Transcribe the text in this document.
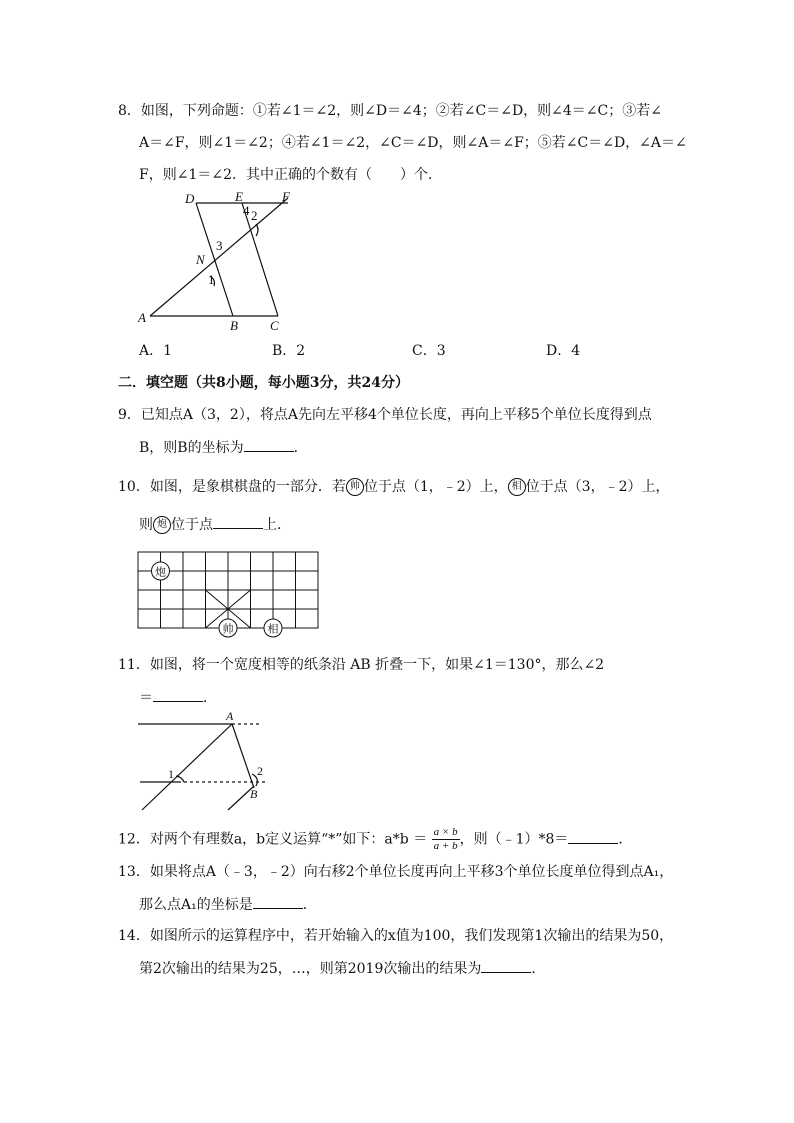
8．如图，下列命题：①若∠1＝∠2，则∠D＝∠4；②若∠C＝∠D，则∠4＝∠C；③若∠
A＝∠F，则∠1＝∠2；④若∠1＝∠2，∠C＝∠D，则∠A＝∠F；⑤若∠C＝∠D，∠A＝∠
F，则∠1＝∠2．其中正确的个数有（　　）个．
D	E	F
N
A
B C
1
2
3
4
A．1	B．2	C．3	D．4
二．填空题（共8小题，每小题3分，共24分）
9．已知点A（3，2），将点A先向左平移4个单位长度，再向上平移5个单位长度得到点
B，则B的坐标为	．
10．如图，是象棋棋盘的一部分．若 帅 位于点（1，﹣2）上， 相 位于点（3，﹣2）上，
则 炮 位于点	上．
炮
帅	相
11．如图，将一个宽度相等的纸条沿 AB 折叠一下，如果∠1＝130°，那么∠2
＝	．
A
B
1	2
12．对两个有理数a，b定义运算“*”如下：$a*b = \frac{a \times b}{a + b}$ ，则（﹣1）*8＝	．
13．如果将点A（﹣3，﹣2）向右移2个单位长度再向上平移3个单位长度单位得到点A₁，
那么点A₁的坐标是	．
14．如图所示的运算程序中，若开始输入的x值为100，我们发现第1次输出的结果为50，
第2次输出的结果为25，…，则第2019次输出的结果为	．
